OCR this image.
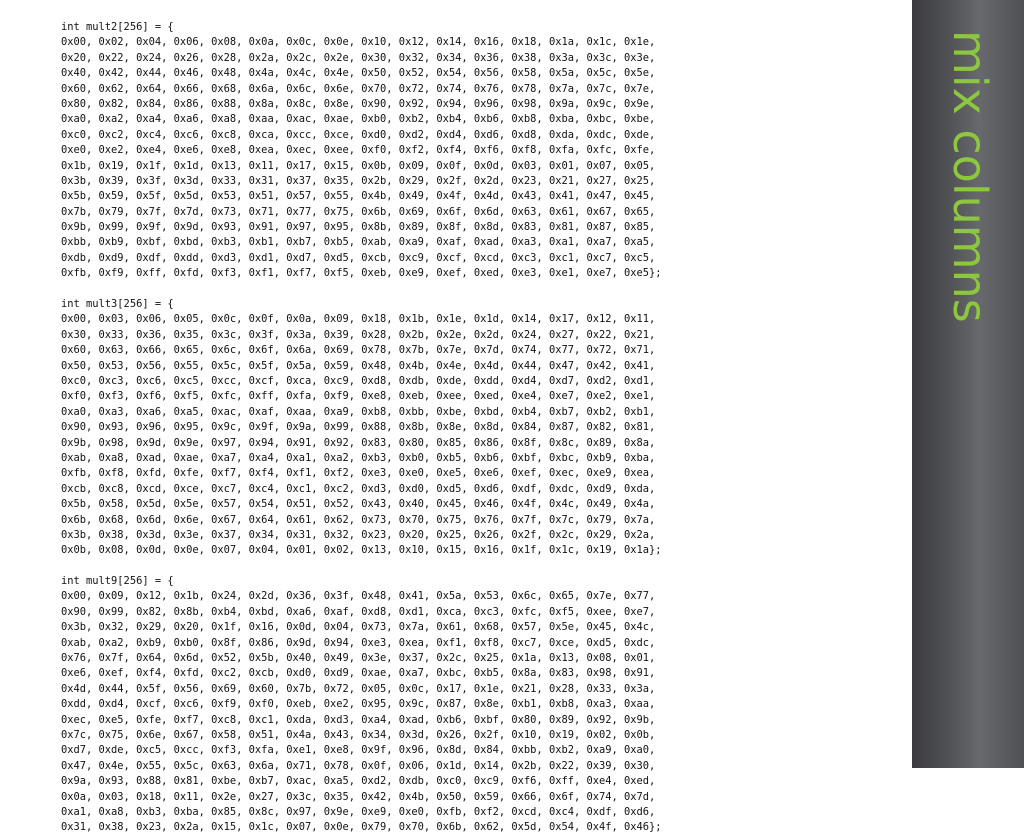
int mult2[256] = {
0x00, 0x02, 0x04, 0x06, 0x08, 0x0a, 0x0c, 0x0e, 0x10, 0x12, 0x14, 0x16, 0x18, 0x1a, 0x1c, 0x1e,
0x20, 0x22, 0x24, 0x26, 0x28, 0x2a, 0x2c, 0x2e, 0x30, 0x32, 0x34, 0x36, 0x38, 0x3a, 0x3c, 0x3e,
0x40, 0x42, 0x44, 0x46, 0x48, 0x4a, 0x4c, 0x4e, 0x50, 0x52, 0x54, 0x56, 0x58, 0x5a, 0x5c, 0x5e,
0x60, 0x62, 0x64, 0x66, 0x68, 0x6a, 0x6c, 0x6e, 0x70, 0x72, 0x74, 0x76, 0x78, 0x7a, 0x7c, 0x7e,
0x80, 0x82, 0x84, 0x86, 0x88, 0x8a, 0x8c, 0x8e, 0x90, 0x92, 0x94, 0x96, 0x98, 0x9a, 0x9c, 0x9e,
0xa0, 0xa2, 0xa4, 0xa6, 0xa8, 0xaa, 0xac, 0xae, 0xb0, 0xb2, 0xb4, 0xb6, 0xb8, 0xba, 0xbc, 0xbe,
0xc0, 0xc2, 0xc4, 0xc6, 0xc8, 0xca, 0xcc, 0xce, 0xd0, 0xd2, 0xd4, 0xd6, 0xd8, 0xda, 0xdc, 0xde,
0xe0, 0xe2, 0xe4, 0xe6, 0xe8, 0xea, 0xec, 0xee, 0xf0, 0xf2, 0xf4, 0xf6, 0xf8, 0xfa, 0xfc, 0xfe,
0x1b, 0x19, 0x1f, 0x1d, 0x13, 0x11, 0x17, 0x15, 0x0b, 0x09, 0x0f, 0x0d, 0x03, 0x01, 0x07, 0x05,
0x3b, 0x39, 0x3f, 0x3d, 0x33, 0x31, 0x37, 0x35, 0x2b, 0x29, 0x2f, 0x2d, 0x23, 0x21, 0x27, 0x25,
0x5b, 0x59, 0x5f, 0x5d, 0x53, 0x51, 0x57, 0x55, 0x4b, 0x49, 0x4f, 0x4d, 0x43, 0x41, 0x47, 0x45,
0x7b, 0x79, 0x7f, 0x7d, 0x73, 0x71, 0x77, 0x75, 0x6b, 0x69, 0x6f, 0x6d, 0x63, 0x61, 0x67, 0x65,
0x9b, 0x99, 0x9f, 0x9d, 0x93, 0x91, 0x97, 0x95, 0x8b, 0x89, 0x8f, 0x8d, 0x83, 0x81, 0x87, 0x85,
0xbb, 0xb9, 0xbf, 0xbd, 0xb3, 0xb1, 0xb7, 0xb5, 0xab, 0xa9, 0xaf, 0xad, 0xa3, 0xa1, 0xa7, 0xa5,
0xdb, 0xd9, 0xdf, 0xdd, 0xd3, 0xd1, 0xd7, 0xd5, 0xcb, 0xc9, 0xcf, 0xcd, 0xc3, 0xc1, 0xc7, 0xc5,
0xfb, 0xf9, 0xff, 0xfd, 0xf3, 0xf1, 0xf7, 0xf5, 0xeb, 0xe9, 0xef, 0xed, 0xe3, 0xe1, 0xe7, 0xe5};
int mult3[256] = {
0x00, 0x03, 0x06, 0x05, 0x0c, 0x0f, 0x0a, 0x09, 0x18, 0x1b, 0x1e, 0x1d, 0x14, 0x17, 0x12, 0x11,
0x30, 0x33, 0x36, 0x35, 0x3c, 0x3f, 0x3a, 0x39, 0x28, 0x2b, 0x2e, 0x2d, 0x24, 0x27, 0x22, 0x21,
0x60, 0x63, 0x66, 0x65, 0x6c, 0x6f, 0x6a, 0x69, 0x78, 0x7b, 0x7e, 0x7d, 0x74, 0x77, 0x72, 0x71,
0x50, 0x53, 0x56, 0x55, 0x5c, 0x5f, 0x5a, 0x59, 0x48, 0x4b, 0x4e, 0x4d, 0x44, 0x47, 0x42, 0x41,
0xc0, 0xc3, 0xc6, 0xc5, 0xcc, 0xcf, 0xca, 0xc9, 0xd8, 0xdb, 0xde, 0xdd, 0xd4, 0xd7, 0xd2, 0xd1,
0xf0, 0xf3, 0xf6, 0xf5, 0xfc, 0xff, 0xfa, 0xf9, 0xe8, 0xeb, 0xee, 0xed, 0xe4, 0xe7, 0xe2, 0xe1,
0xa0, 0xa3, 0xa6, 0xa5, 0xac, 0xaf, 0xaa, 0xa9, 0xb8, 0xbb, 0xbe, 0xbd, 0xb4, 0xb7, 0xb2, 0xb1,
0x90, 0x93, 0x96, 0x95, 0x9c, 0x9f, 0x9a, 0x99, 0x88, 0x8b, 0x8e, 0x8d, 0x84, 0x87, 0x82, 0x81,
0x9b, 0x98, 0x9d, 0x9e, 0x97, 0x94, 0x91, 0x92, 0x83, 0x80, 0x85, 0x86, 0x8f, 0x8c, 0x89, 0x8a,
0xab, 0xa8, 0xad, 0xae, 0xa7, 0xa4, 0xa1, 0xa2, 0xb3, 0xb0, 0xb5, 0xb6, 0xbf, 0xbc, 0xb9, 0xba,
0xfb, 0xf8, 0xfd, 0xfe, 0xf7, 0xf4, 0xf1, 0xf2, 0xe3, 0xe0, 0xe5, 0xe6, 0xef, 0xec, 0xe9, 0xea,
0xcb, 0xc8, 0xcd, 0xce, 0xc7, 0xc4, 0xc1, 0xc2, 0xd3, 0xd0, 0xd5, 0xd6, 0xdf, 0xdc, 0xd9, 0xda,
0x5b, 0x58, 0x5d, 0x5e, 0x57, 0x54, 0x51, 0x52, 0x43, 0x40, 0x45, 0x46, 0x4f, 0x4c, 0x49, 0x4a,
0x6b, 0x68, 0x6d, 0x6e, 0x67, 0x64, 0x61, 0x62, 0x73, 0x70, 0x75, 0x76, 0x7f, 0x7c, 0x79, 0x7a,
0x3b, 0x38, 0x3d, 0x3e, 0x37, 0x34, 0x31, 0x32, 0x23, 0x20, 0x25, 0x26, 0x2f, 0x2c, 0x29, 0x2a,
0x0b, 0x08, 0x0d, 0x0e, 0x07, 0x04, 0x01, 0x02, 0x13, 0x10, 0x15, 0x16, 0x1f, 0x1c, 0x19, 0x1a};
int mult9[256] = {
0x00, 0x09, 0x12, 0x1b, 0x24, 0x2d, 0x36, 0x3f, 0x48, 0x41, 0x5a, 0x53, 0x6c, 0x65, 0x7e, 0x77,
0x90, 0x99, 0x82, 0x8b, 0xb4, 0xbd, 0xa6, 0xaf, 0xd8, 0xd1, 0xca, 0xc3, 0xfc, 0xf5, 0xee, 0xe7,
0x3b, 0x32, 0x29, 0x20, 0x1f, 0x16, 0x0d, 0x04, 0x73, 0x7a, 0x61, 0x68, 0x57, 0x5e, 0x45, 0x4c,
0xab, 0xa2, 0xb9, 0xb0, 0x8f, 0x86, 0x9d, 0x94, 0xe3, 0xea, 0xf1, 0xf8, 0xc7, 0xce, 0xd5, 0xdc,
0x76, 0x7f, 0x64, 0x6d, 0x52, 0x5b, 0x40, 0x49, 0x3e, 0x37, 0x2c, 0x25, 0x1a, 0x13, 0x08, 0x01,
0xe6, 0xef, 0xf4, 0xfd, 0xc2, 0xcb, 0xd0, 0xd9, 0xae, 0xa7, 0xbc, 0xb5, 0x8a, 0x83, 0x98, 0x91,
0x4d, 0x44, 0x5f, 0x56, 0x69, 0x60, 0x7b, 0x72, 0x05, 0x0c, 0x17, 0x1e, 0x21, 0x28, 0x33, 0x3a,
0xdd, 0xd4, 0xcf, 0xc6, 0xf9, 0xf0, 0xeb, 0xe2, 0x95, 0x9c, 0x87, 0x8e, 0xb1, 0xb8, 0xa3, 0xaa,
0xec, 0xe5, 0xfe, 0xf7, 0xc8, 0xc1, 0xda, 0xd3, 0xa4, 0xad, 0xb6, 0xbf, 0x80, 0x89, 0x92, 0x9b,
0x7c, 0x75, 0x6e, 0x67, 0x58, 0x51, 0x4a, 0x43, 0x34, 0x3d, 0x26, 0x2f, 0x10, 0x19, 0x02, 0x0b,
0xd7, 0xde, 0xc5, 0xcc, 0xf3, 0xfa, 0xe1, 0xe8, 0x9f, 0x96, 0x8d, 0x84, 0xbb, 0xb2, 0xa9, 0xa0,
0x47, 0x4e, 0x55, 0x5c, 0x63, 0x6a, 0x71, 0x78, 0x0f, 0x06, 0x1d, 0x14, 0x2b, 0x22, 0x39, 0x30,
0x9a, 0x93, 0x88, 0x81, 0xbe, 0xb7, 0xac, 0xa5, 0xd2, 0xdb, 0xc0, 0xc9, 0xf6, 0xff, 0xe4, 0xed,
0x0a, 0x03, 0x18, 0x11, 0x2e, 0x27, 0x3c, 0x35, 0x42, 0x4b, 0x50, 0x59, 0x66, 0x6f, 0x74, 0x7d,
0xa1, 0xa8, 0xb3, 0xba, 0x85, 0x8c, 0x97, 0x9e, 0xe9, 0xe0, 0xfb, 0xf2, 0xcd, 0xc4, 0xdf, 0xd6,
0x31, 0x38, 0x23, 0x2a, 0x15, 0x1c, 0x07, 0x0e, 0x79, 0x70, 0x6b, 0x62, 0x5d, 0x54, 0x4f, 0x46};
mix columns
